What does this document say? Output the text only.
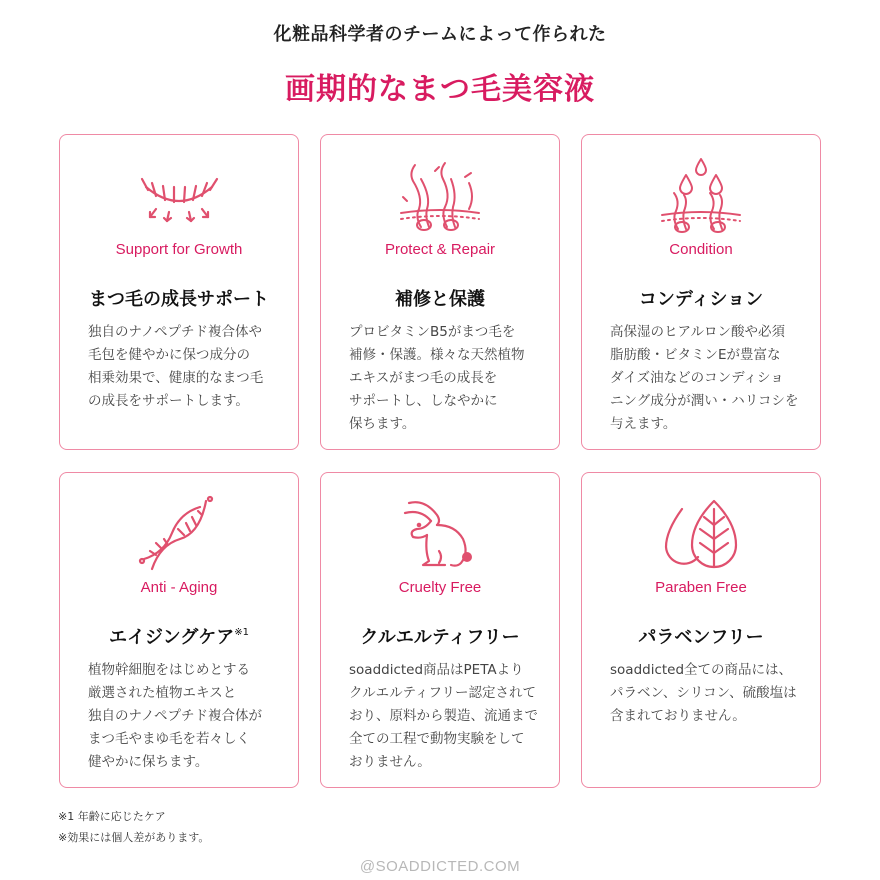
化粧品科学者のチームによって作られた
画期的なまつ毛美容液
Support for Growth
まつ毛の成長サポート
独自のナノペプチド複合体や
毛包を健やかに保つ成分の
相乗効果で、健康的なまつ毛
の成長をサポートします。
Protect & Repair
補修と保護
プロビタミンB5がまつ毛を
補修・保護。様々な天然植物
エキスがまつ毛の成長を
サポートし、しなやかに
保ちます。
Condition
コンディション
高保湿のヒアルロン酸や必須
脂肪酸・ビタミンEが豊富な
ダイズ油などのコンディショ
ニング成分が潤い・ハリコシを
与えます。
Anti - Aging
エイジングケア$^{※1}$
植物幹細胞をはじめとする
厳選された植物エキスと
独自のナノペプチド複合体が
まつ毛やまゆ毛を若々しく
健やかに保ちます。
Cruelty Free
クルエルティフリー
soaddicted商品はPETAより
クルエルティフリー認定されて
おり、原料から製造、流通まで
全ての工程で動物実験をして
おりません。
Paraben Free
パラベンフリー
soaddicted全ての商品には、
パラベン、シリコン、硫酸塩は
含まれておりません。
※1 年齢に応じたケア
※効果には個人差があります。
@SOADDICTED.COM
